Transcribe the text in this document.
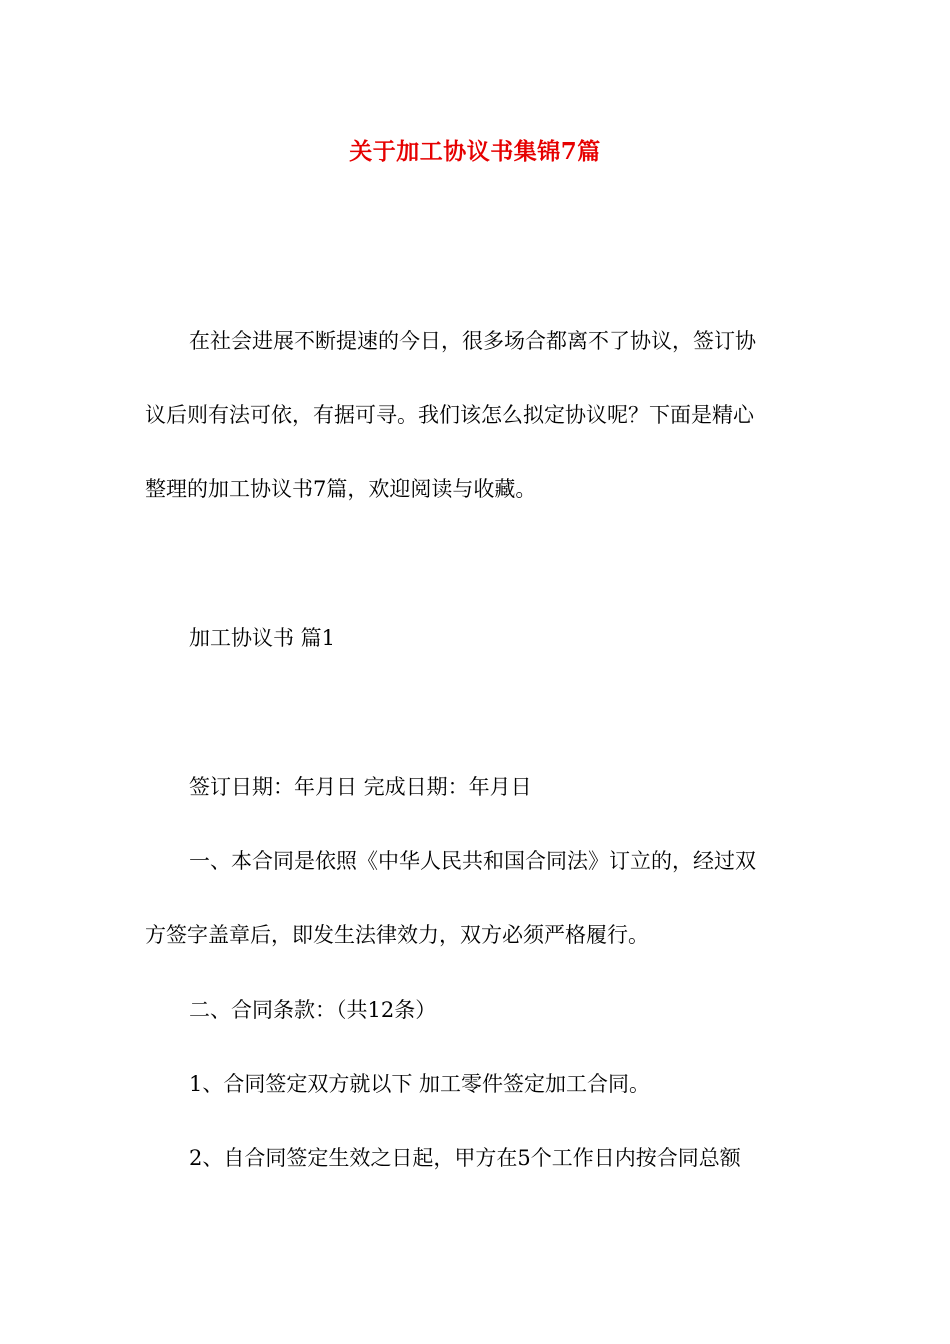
关于加工协议书集锦7篇
在社会进展不断提速的今日，很多场合都离不了协议，签订协
议后则有法可依，有据可寻。我们该怎么拟定协议呢？下面是精心
整理的加工协议书7篇，欢迎阅读与收藏。
加工协议书 篇1
签订日期：年月日 完成日期：年月日
一、本合同是依照《中华人民共和国合同法》订立的，经过双
方签字盖章后，即发生法律效力，双方必须严格履行。
二、合同条款：（共12条）
1、合同签定双方就以下 加工零件签定加工合同。
2、自合同签定生效之日起，甲方在5个工作日内按合同总额
